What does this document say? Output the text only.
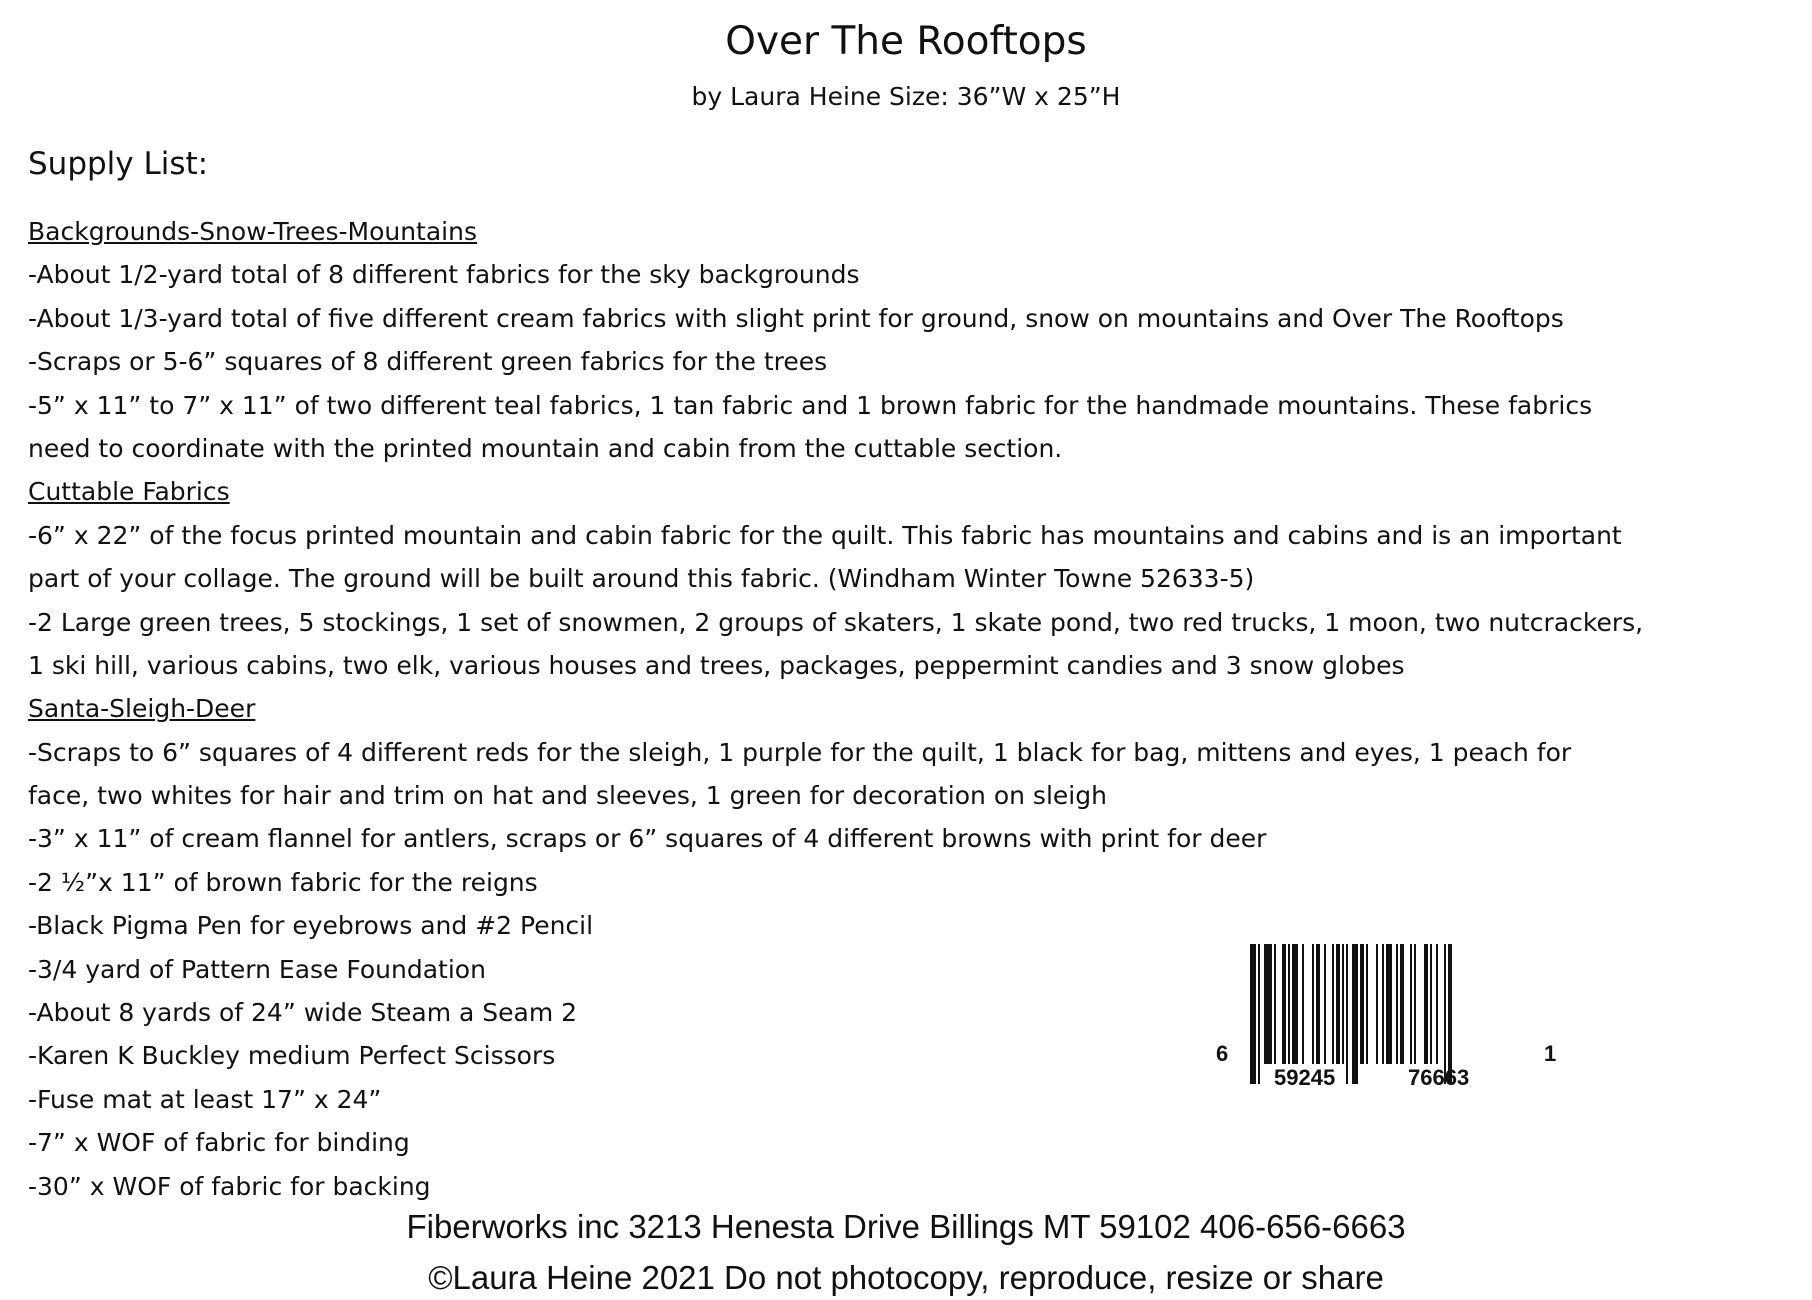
Over The Rooftops
by Laura Heine Size: 36”W x 25”H
Supply List:
Backgrounds-Snow-Trees-Mountains
-About 1/2-yard total of 8 different fabrics for the sky backgrounds
-About 1/3-yard total of five different cream fabrics with slight print for ground, snow on mountains and Over The Rooftops
-Scraps or 5-6” squares of 8 different green fabrics for the trees
-5” x 11” to 7” x 11” of two different teal fabrics, 1 tan fabric and 1 brown fabric for the handmade mountains. These fabrics
need to coordinate with the printed mountain and cabin from the cuttable section.
Cuttable Fabrics
-6” x 22” of the focus printed mountain and cabin fabric for the quilt. This fabric has mountains and cabins and is an important
part of your collage. The ground will be built around this fabric. (Windham Winter Towne 52633-5)
-2 Large green trees, 5 stockings, 1 set of snowmen, 2 groups of skaters, 1 skate pond, two red trucks, 1 moon, two nutcrackers,
1 ski hill, various cabins, two elk, various houses and trees, packages, peppermint candies and 3 snow globes
Santa-Sleigh-Deer
-Scraps to 6” squares of 4 different reds for the sleigh, 1 purple for the quilt, 1 black for bag, mittens and eyes, 1 peach for
face, two whites for hair and trim on hat and sleeves, 1 green for decoration on sleigh
-3” x 11” of cream flannel for antlers, scraps or 6” squares of 4 different browns with print for deer
-2 ½”x 11” of brown fabric for the reigns
-Black Pigma Pen for eyebrows and #2 Pencil
-3/4 yard of Pattern Ease Foundation
-About 8 yards of 24” wide Steam a Seam 2
-Karen K Buckley medium Perfect Scissors
-Fuse mat at least 17” x 24”
-7” x WOF of fabric for binding
-30” x WOF of fabric for backing
6
59245	76663
1
Fiberworks inc 3213 Henesta Drive Billings MT 59102 406-656-6663
©Laura Heine 2021 Do not photocopy, reproduce, resize or share
